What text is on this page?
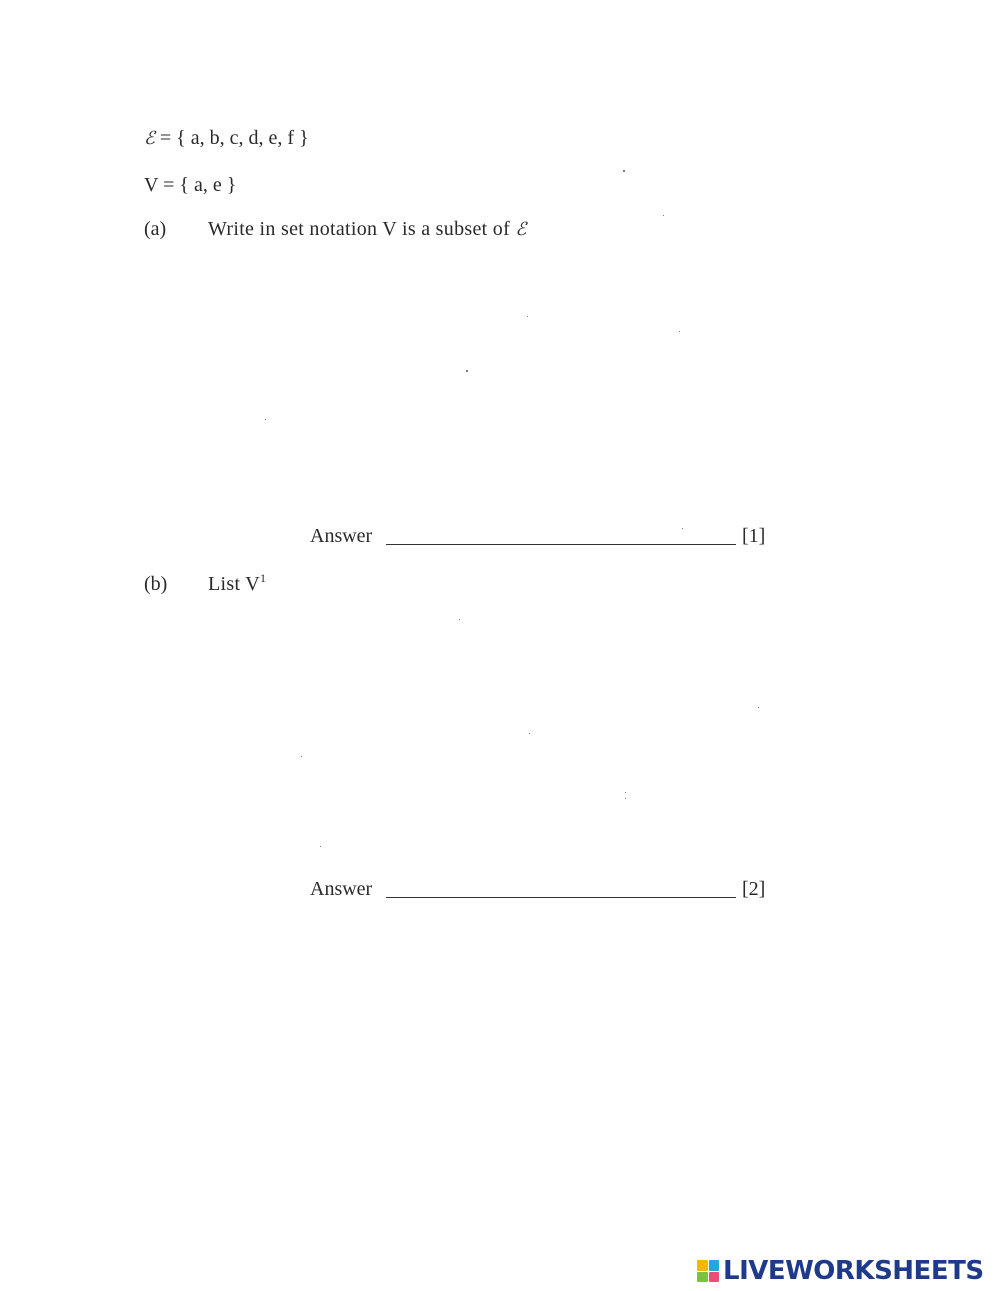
ℰ = { a, b, c, d, e, f }
V = { a, e }
(a) Write in set notation V is a subset of ℰ
Answer	[1]
(b) List $V^1$
Answer	[2]
LIVEWORKSHEETS
